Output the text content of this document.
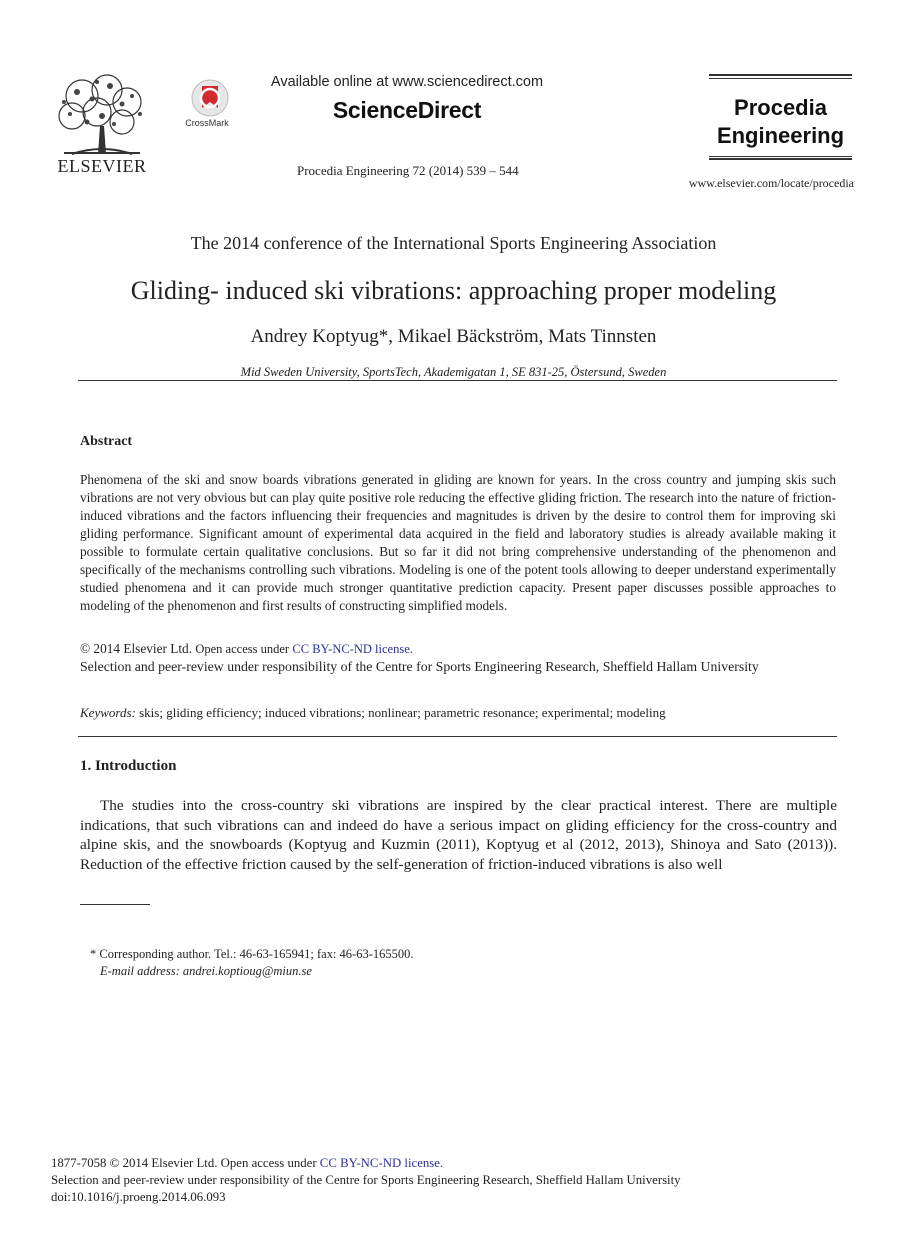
ELSEVIER
CrossMark
Available online at www.sciencedirect.com
ScienceDirect
Procedia Engineering 72 (2014) 539 – 544
Procedia
Engineering
www.elsevier.com/locate/procedia
The 2014 conference of the International Sports Engineering Association
Gliding- induced ski vibrations: approaching proper modeling
Andrey Koptyug*, Mikael Bäckström, Mats Tinnsten
Mid Sweden University, SportsTech, Akademigatan 1, SE 831-25, Östersund, Sweden
Abstract
Phenomena of the ski and snow boards vibrations generated in gliding are known for years. In the cross country and jumping skis such vibrations are not very obvious but can play quite positive role reducing the effective gliding friction. The research into the nature of friction-induced vibrations and the factors influencing their frequencies and magnitudes is driven by the desire to control them for improving ski gliding performance. Significant amount of experimental data acquired in the field and laboratory studies is already available making it possible to formulate certain qualitative conclusions. But so far it did not bring comprehensive understanding of the phenomenon and specifically of the mechanisms controlling such vibrations. Modeling is one of the potent tools allowing to deeper understand experimentally studied phenomena and it can provide much stronger quantitative prediction capacity. Present paper discusses possible approaches to modeling of the phenomenon and first results of constructing simplified models.
© 2014 Elsevier Ltd. Open access under CC BY-NC-ND license.
Selection and peer-review under responsibility of the Centre for Sports Engineering Research, Sheffield Hallam University
Keywords: skis; gliding efficiency; induced vibrations; nonlinear; parametric resonance; experimental; modeling
1. Introduction
The studies into the cross-country ski vibrations are inspired by the clear practical interest. There are multiple indications, that such vibrations can and indeed do have a serious impact on gliding efficiency for the cross-country and alpine skis, and the snowboards (Koptyug and Kuzmin (2011), Koptyug et al (2012, 2013), Shinoya and Sato (2013)). Reduction of the effective friction caused by the self-generation of friction-induced vibrations is also well
* Corresponding author. Tel.: 46-63-165941; fax: 46-63-165500.
E-mail address: andrei.koptioug@miun.se
1877-7058 © 2014 Elsevier Ltd. Open access under CC BY-NC-ND license.
Selection and peer-review under responsibility of the Centre for Sports Engineering Research, Sheffield Hallam University
doi:10.1016/j.proeng.2014.06.093
